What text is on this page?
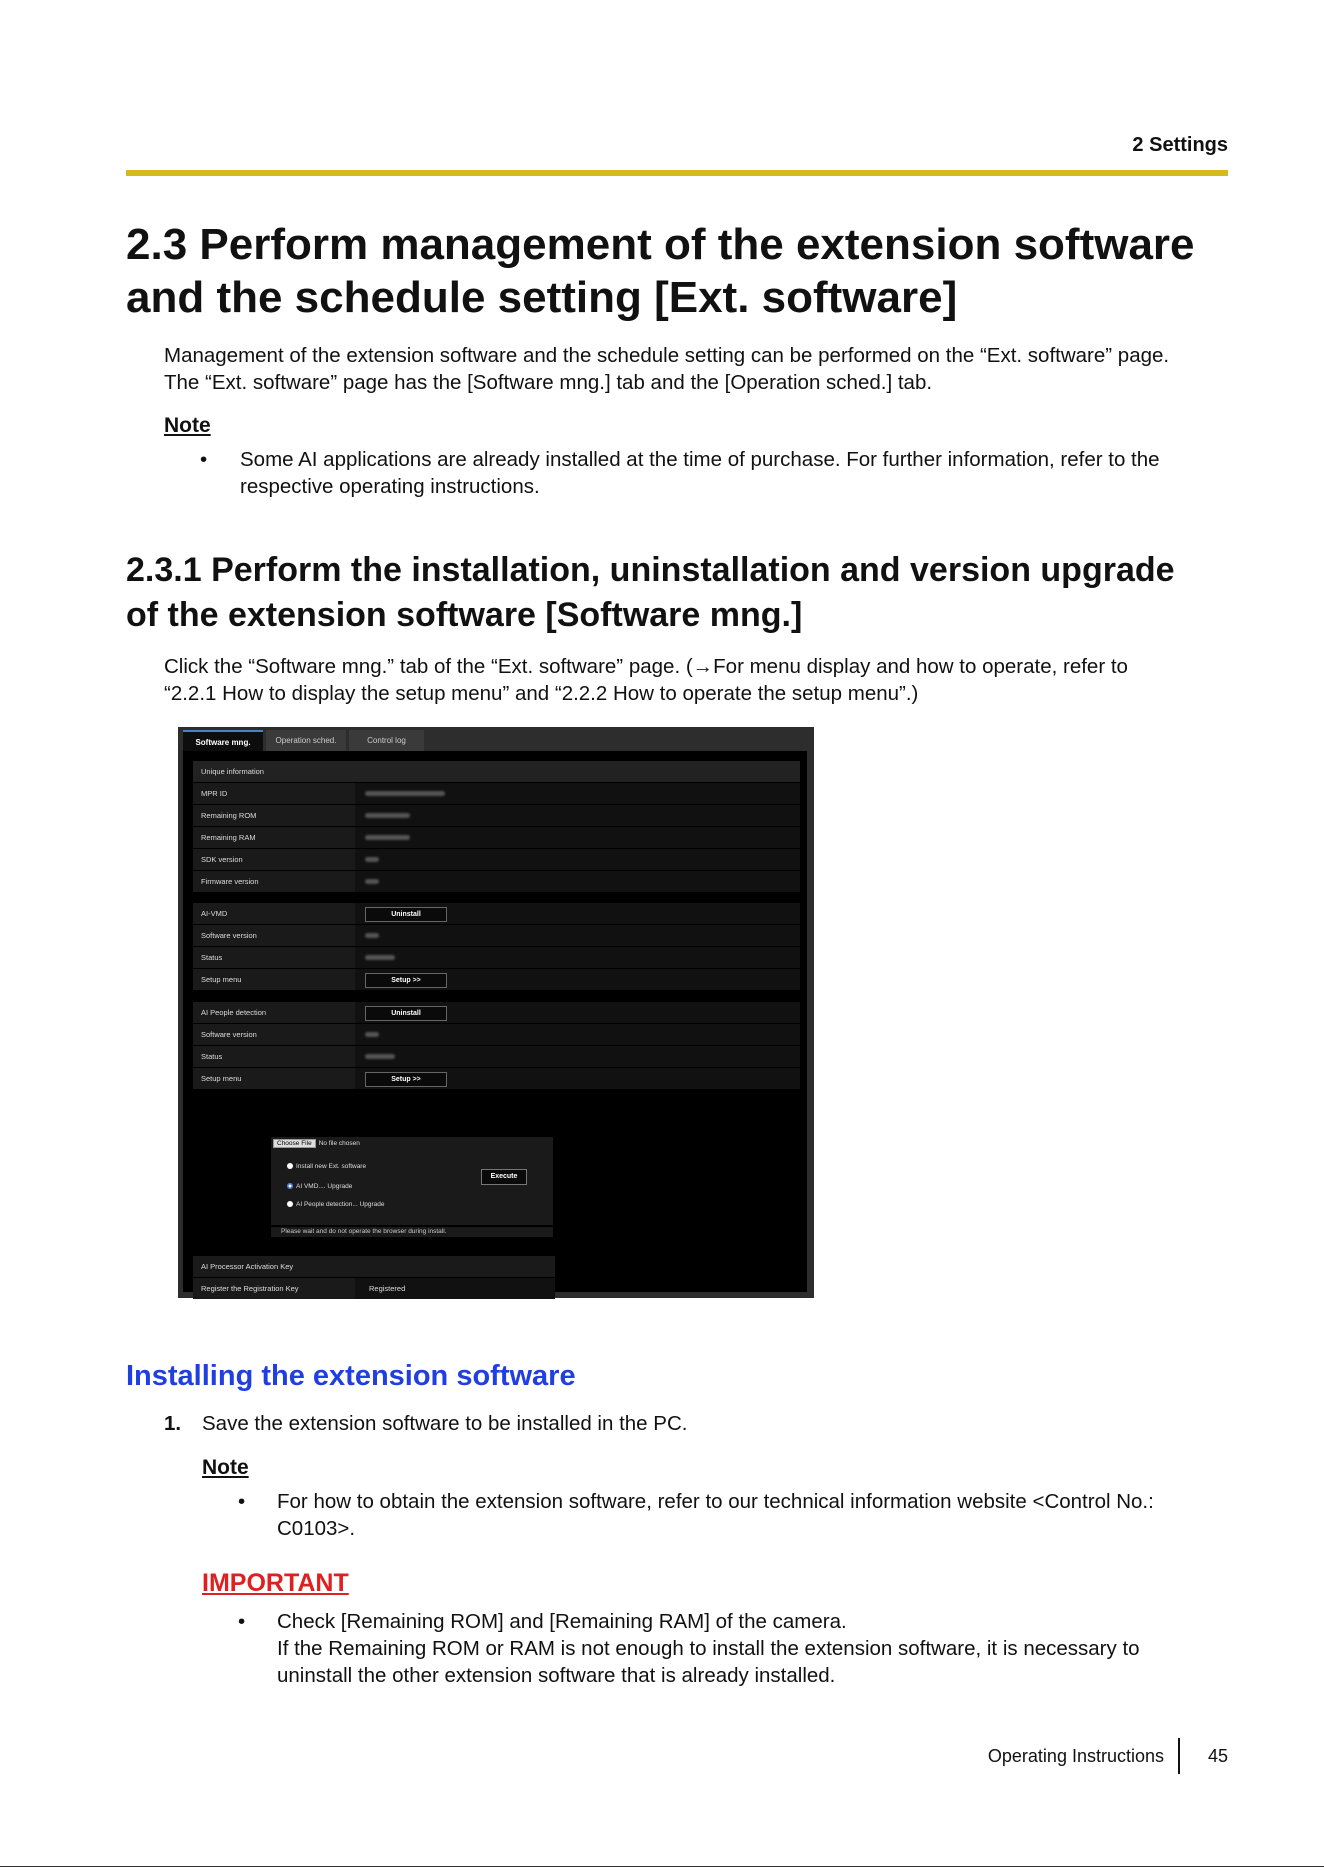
2 Settings
2.3 Perform management of the extension software
and the schedule setting [Ext. software]
Management of the extension software and the schedule setting can be performed on the “Ext. software” page.
The “Ext. software” page has the [Software mng.] tab and the [Operation sched.] tab.
Note
• Some AI applications are already installed at the time of purchase. For further information, refer to the
respective operating instructions.
2.3.1 Perform the installation, uninstallation and version upgrade
of the extension software [Software mng.]
Click the “Software mng.” tab of the “Ext. software” page. (→For menu display and how to operate, refer to
“2.2.1 How to display the setup menu” and “2.2.2 How to operate the setup menu”.)
Software mng.	Operation sched.	Control log
Unique information
MPR ID
Remaining ROM
Remaining RAM
SDK version
Firmware version
AI-VMD	Uninstall
Software version
Status
Setup menu	Setup >>
AI People detection	Uninstall
Software version
Status
Setup menu	Setup >>
Choose File No file chosen
Install new Ext. software
AI VMD.... Upgrade
AI People detection... Upgrade
Execute
Please wait and do not operate the browser during install.
AI Processor Activation Key
Register the Registration Key	Registered
Installing the extension software
1. Save the extension software to be installed in the PC.
Note
• For how to obtain the extension software, refer to our technical information website <Control No.:
C0103>.
IMPORTANT
• Check [Remaining ROM] and [Remaining RAM] of the camera.
If the Remaining ROM or RAM is not enough to install the extension software, it is necessary to
uninstall the other extension software that is already installed.
Operating Instructions 45
